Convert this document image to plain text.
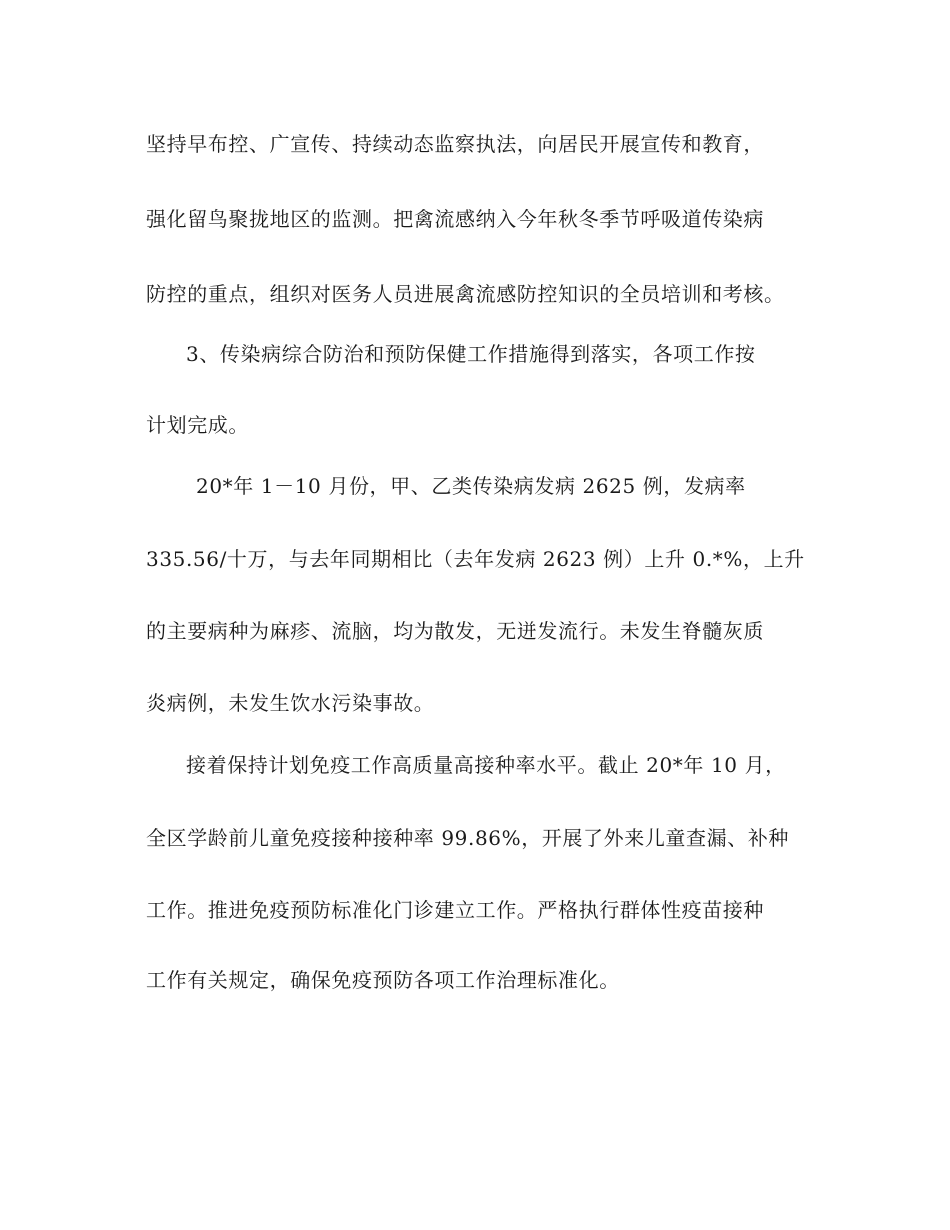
坚持早布控、广宣传、持续动态监察执法，向居民开展宣传和教育，
强化留鸟聚拢地区的监测。把禽流感纳入今年秋冬季节呼吸道传染病
防控的重点，组织对医务人员进展禽流感防控知识的全员培训和考核。
3、传染病综合防治和预防保健工作措施得到落实，各项工作按
计划完成。
20*年 1－10 月份，甲、乙类传染病发病 2625 例，发病率
335.56/十万，与去年同期相比（去年发病 2623 例）上升 0.*%，上升
的主要病种为麻疹、流脑，均为散发，无迸发流行。未发生脊髓灰质
炎病例，未发生饮水污染事故。
接着保持计划免疫工作高质量高接种率水平。截止 20*年 10 月，
全区学龄前儿童免疫接种接种率 99.86%，开展了外来儿童查漏、补种
工作。推进免疫预防标准化门诊建立工作。严格执行群体性疫苗接种
工作有关规定，确保免疫预防各项工作治理标准化。
